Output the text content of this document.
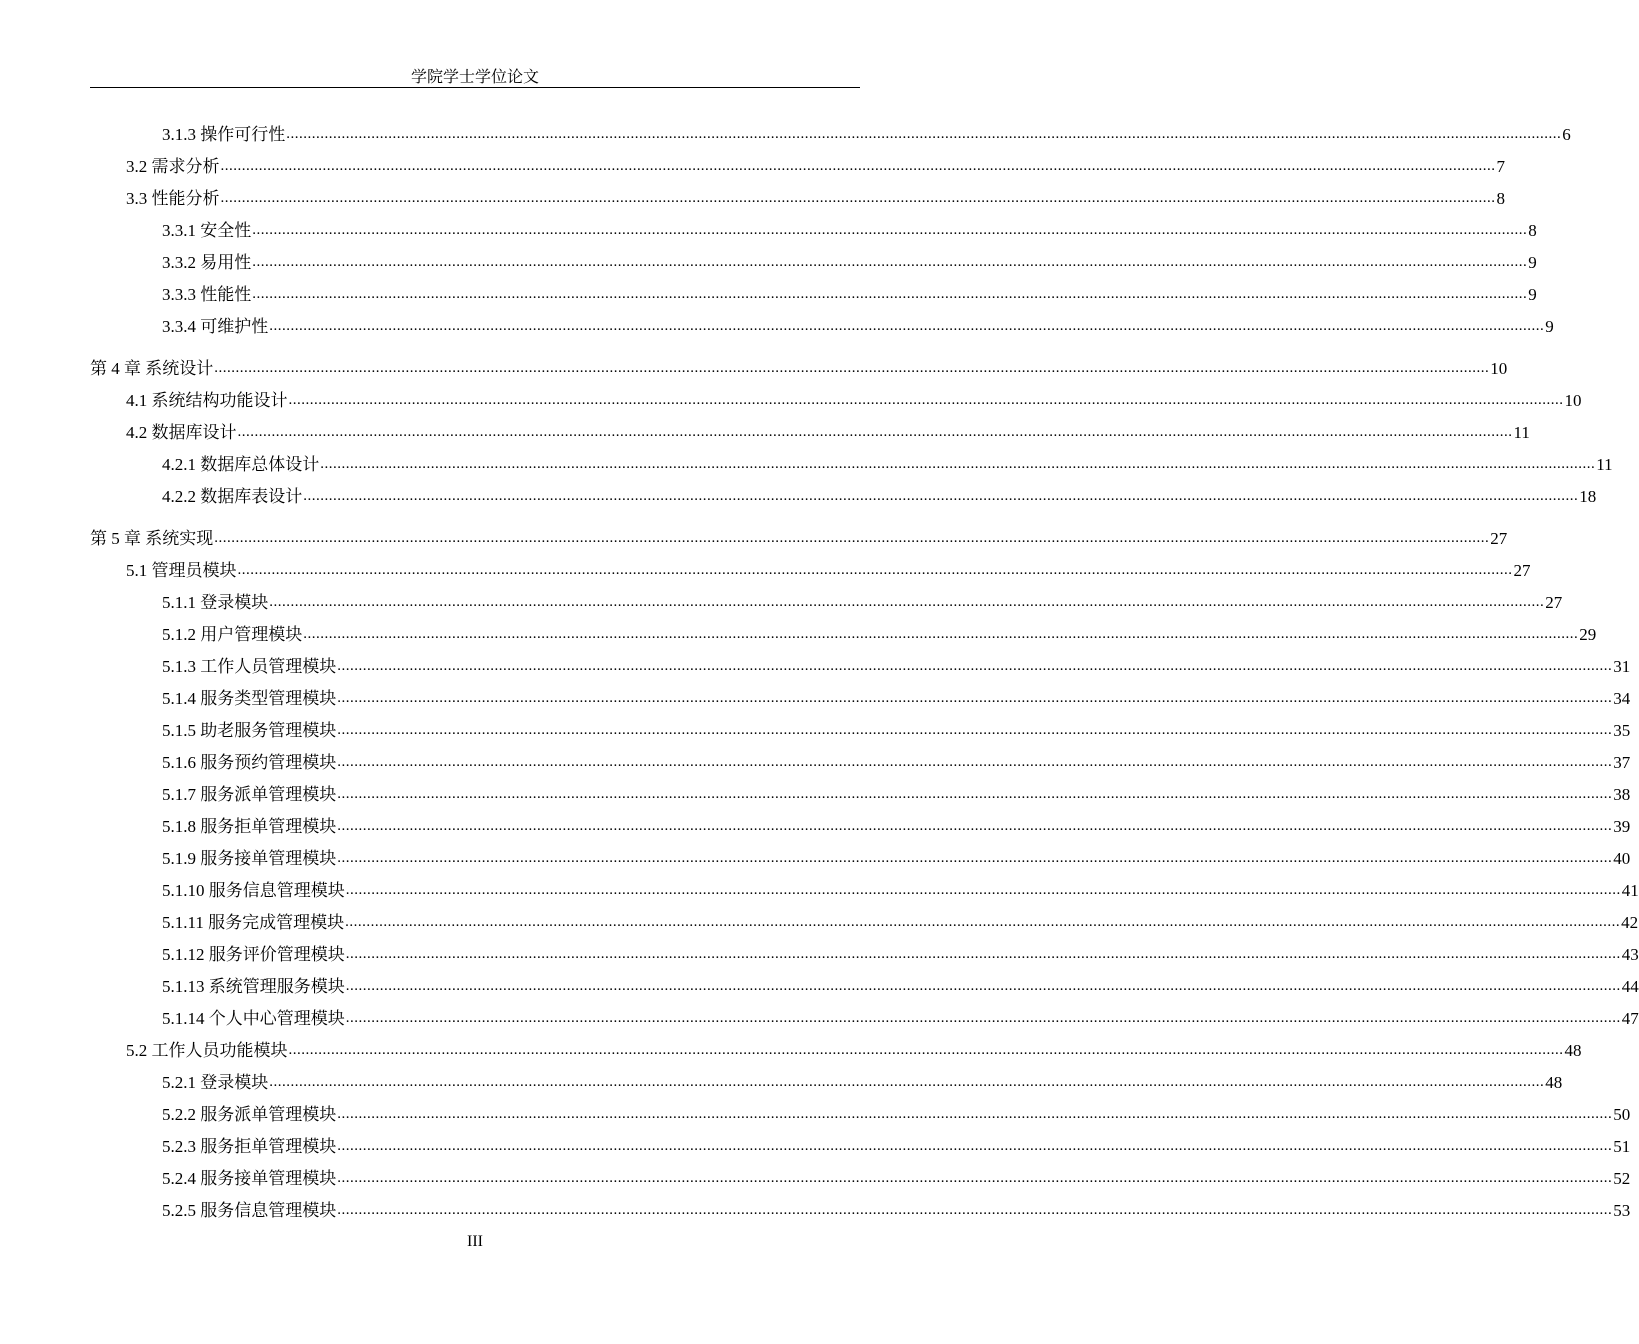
学院学士学位论文
3.1.3 操作可行性 ............................................................................................................................................................................................................................................................................................................ 6
3.2 需求分析 ............................................................................................................................................................................................................................................................................................................ 7
3.3 性能分析 ............................................................................................................................................................................................................................................................................................................ 8
3.3.1 安全性 ............................................................................................................................................................................................................................................................................................................ 8
3.3.2 易用性 ............................................................................................................................................................................................................................................................................................................ 9
3.3.3 性能性 ............................................................................................................................................................................................................................................................................................................ 9
3.3.4 可维护性 ............................................................................................................................................................................................................................................................................................................ 9
第 4 章 系统设计 ............................................................................................................................................................................................................................................................................................................ 10
4.1 系统结构功能设计 ............................................................................................................................................................................................................................................................................................................ 10
4.2 数据库设计 ............................................................................................................................................................................................................................................................................................................ 11
4.2.1 数据库总体设计 ............................................................................................................................................................................................................................................................................................................ 11
4.2.2 数据库表设计 ............................................................................................................................................................................................................................................................................................................ 18
第 5 章 系统实现 ............................................................................................................................................................................................................................................................................................................ 27
5.1 管理员模块 ............................................................................................................................................................................................................................................................................................................ 27
5.1.1 登录模块 ............................................................................................................................................................................................................................................................................................................ 27
5.1.2 用户管理模块 ............................................................................................................................................................................................................................................................................................................ 29
5.1.3 工作人员管理模块 ............................................................................................................................................................................................................................................................................................................ 31
5.1.4 服务类型管理模块 ............................................................................................................................................................................................................................................................................................................ 34
5.1.5 助老服务管理模块 ............................................................................................................................................................................................................................................................................................................ 35
5.1.6 服务预约管理模块 ............................................................................................................................................................................................................................................................................................................ 37
5.1.7 服务派单管理模块 ............................................................................................................................................................................................................................................................................................................ 38
5.1.8 服务拒单管理模块 ............................................................................................................................................................................................................................................................................................................ 39
5.1.9 服务接单管理模块 ............................................................................................................................................................................................................................................................................................................ 40
5.1.10 服务信息管理模块 ............................................................................................................................................................................................................................................................................................................ 41
5.1.11 服务完成管理模块 ............................................................................................................................................................................................................................................................................................................ 42
5.1.12 服务评价管理模块 ............................................................................................................................................................................................................................................................................................................ 43
5.1.13 系统管理服务模块 ............................................................................................................................................................................................................................................................................................................ 44
5.1.14 个人中心管理模块 ............................................................................................................................................................................................................................................................................................................ 47
5.2 工作人员功能模块 ............................................................................................................................................................................................................................................................................................................ 48
5.2.1 登录模块 ............................................................................................................................................................................................................................................................................................................ 48
5.2.2 服务派单管理模块 ............................................................................................................................................................................................................................................................................................................ 50
5.2.3 服务拒单管理模块 ............................................................................................................................................................................................................................................................................................................ 51
5.2.4 服务接单管理模块 ............................................................................................................................................................................................................................................................................................................ 52
5.2.5 服务信息管理模块 ............................................................................................................................................................................................................................................................................................................ 53
III
